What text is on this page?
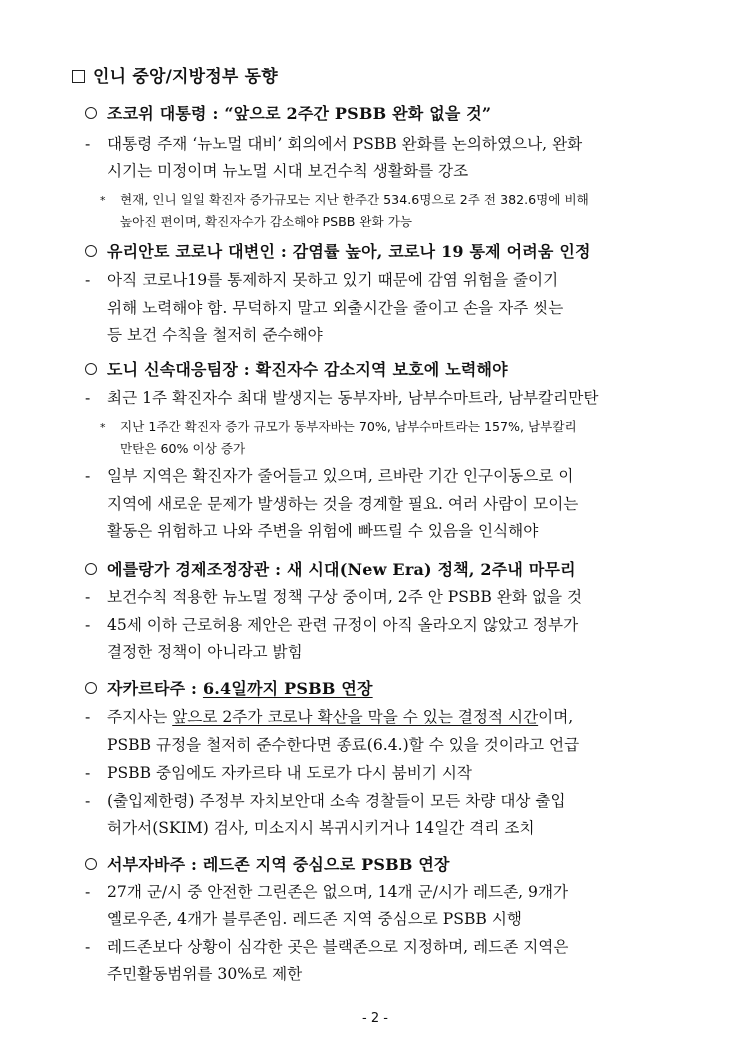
인니 중앙/지방정부 동향
조코위 대통령 : “앞으로 2주간 PSBB 완화 없을 것”
- 대통령 주재 ‘뉴노멀 대비’ 회의에서 PSBB 완화를 논의하였으나, 완화
시기는 미정이며 뉴노멀 시대 보건수칙 생활화를 강조
* 현재, 인니 일일 확진자 증가규모는 지난 한주간 534.6명으로 2주 전 382.6명에 비해
높아진 편이며, 확진자수가 감소해야 PSBB 완화 가능
유리안토 코로나 대변인 : 감염률 높아, 코로나 19 통제 어려움 인정
- 아직 코로나19를 통제하지 못하고 있기 때문에 감염 위험을 줄이기
위해 노력해야 함. 무덕하지 말고 외출시간을 줄이고 손을 자주 씻는
등 보건 수칙을 철저히 준수해야
도니 신속대응팀장 : 확진자수 감소지역 보호에 노력해야
- 최근 1주 확진자수 최대 발생지는 동부자바, 남부수마트라, 남부칼리만탄
* 지난 1주간 확진자 증가 규모가 동부자바는 70%, 남부수마트라는 157%, 남부칼리
만탄은 60% 이상 증가
- 일부 지역은 확진자가 줄어들고 있으며, 르바란 기간 인구이동으로 이
지역에 새로운 문제가 발생하는 것을 경계할 필요. 여러 사람이 모이는
활동은 위험하고 나와 주변을 위험에 빠뜨릴 수 있음을 인식해야
에를랑가 경제조정장관 : 새 시대(New Era) 정책, 2주내 마무리
- 보건수칙 적용한 뉴노멀 정책 구상 중이며, 2주 안 PSBB 완화 없을 것
- 45세 이하 근로허용 제안은 관련 규정이 아직 올라오지 않았고 정부가
결정한 정책이 아니라고 밝힘
자카르타주 : 6.4일까지 PSBB 연장
- 주지사는 앞으로 2주가 코로나 확산을 막을 수 있는 결정적 시간이며,
PSBB 규정을 철저히 준수한다면 종료(6.4.)할 수 있을 것이라고 언급
- PSBB 중임에도 자카르타 내 도로가 다시 붐비기 시작
- (출입제한령) 주정부 자치보안대 소속 경찰들이 모든 차량 대상 출입
허가서(SKIM) 검사, 미소지시 복귀시키거나 14일간 격리 조치
서부자바주 : 레드존 지역 중심으로 PSBB 연장
- 27개 군/시 중 안전한 그린존은 없으며, 14개 군/시가 레드존, 9개가
옐로우존, 4개가 블루존임. 레드존 지역 중심으로 PSBB 시행
- 레드존보다 상황이 심각한 곳은 블랙존으로 지정하며, 레드존 지역은
주민활동범위를 30%로 제한
- 2 -
